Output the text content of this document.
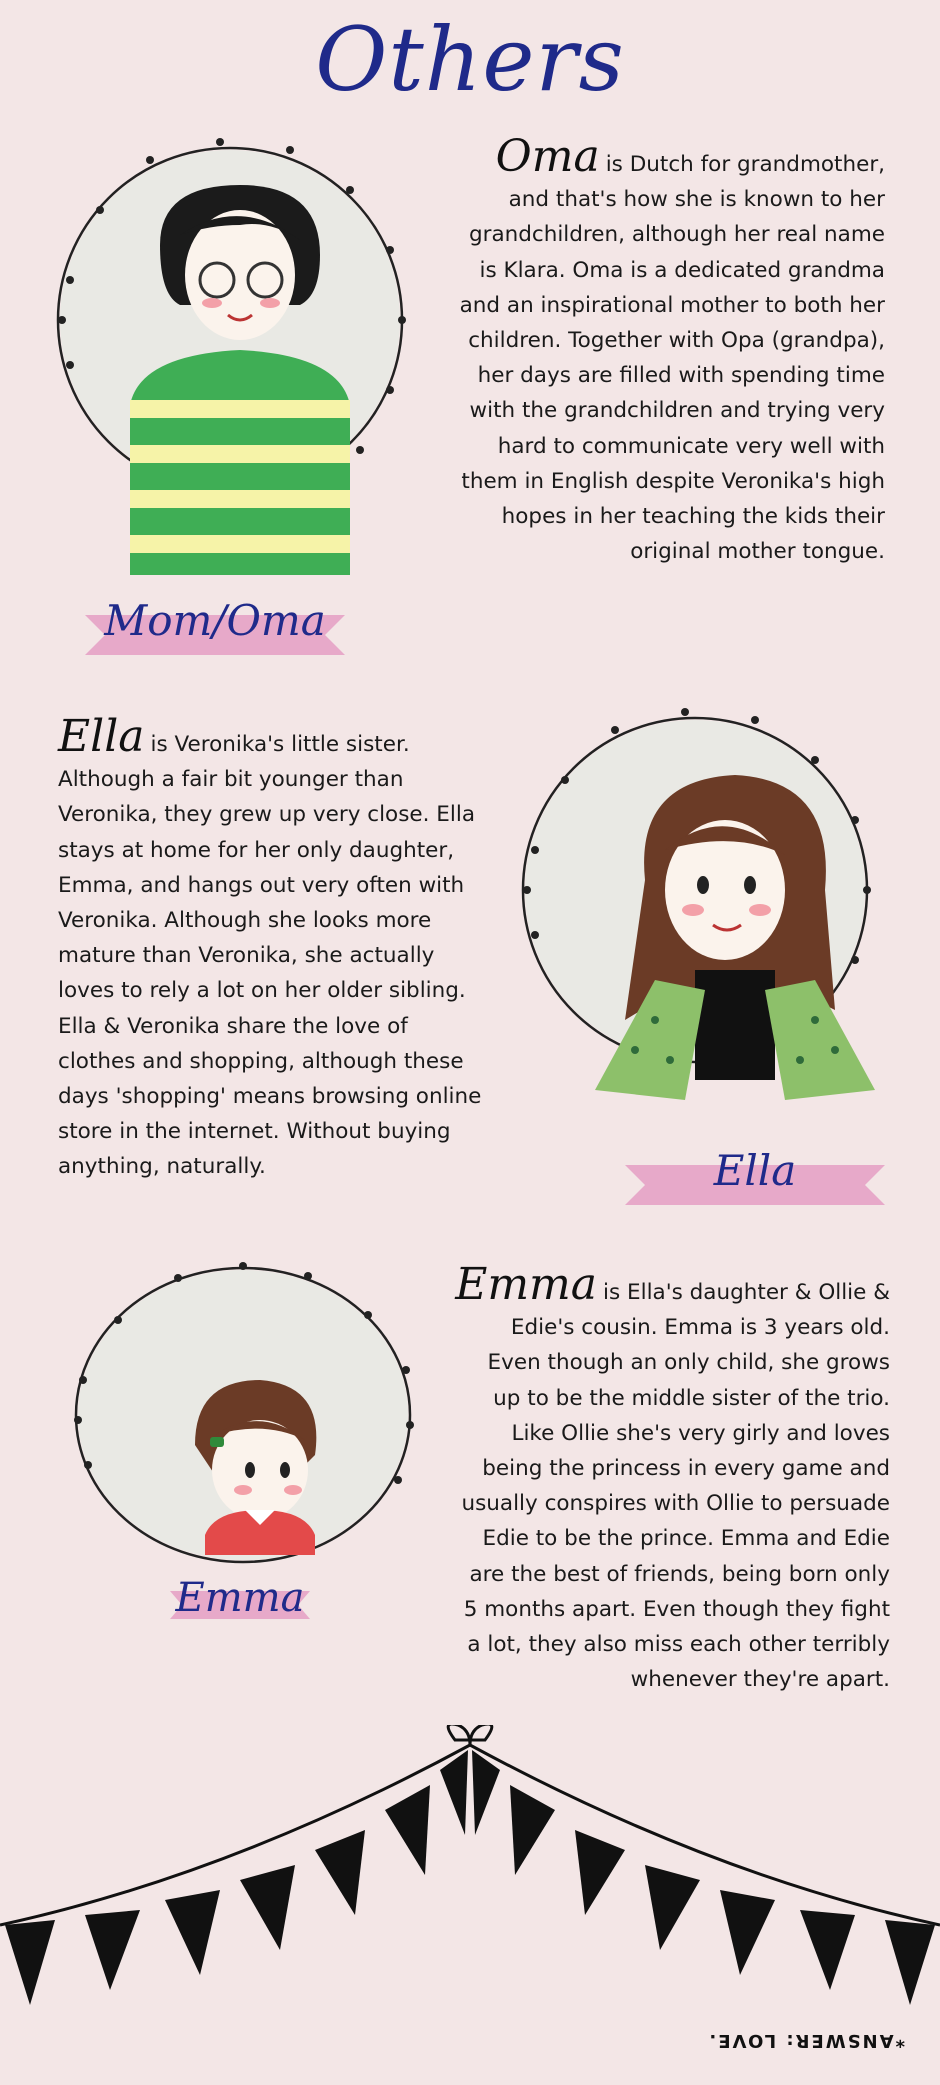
Others
Mom/Oma
Oma is Dutch for grandmother, and that's how she is known to her grandchildren, although her real name is Klara. Oma is a dedicated grandma and an inspirational mother to both her children. Together with Opa (grandpa), her days are filled with spending time with the grandchildren and trying very hard to communicate very well with them in English despite Veronika's high hopes in her teaching the kids their original mother tongue.
Ella
Ella is Veronika's little sister. Although a fair bit younger than Veronika, they grew up very close. Ella stays at home for her only daughter, Emma, and hangs out very often with Veronika. Although she looks more mature than Veronika, she actually loves to rely a lot on her older sibling. Ella & Veronika share the love of clothes and shopping, although these days 'shopping' means browsing online store in the internet. Without buying anything, naturally.
Emma
Emma is Ella's daughter & Ollie & Edie's cousin. Emma is 3 years old. Even though an only child, she grows up to be the middle sister of the trio. Like Ollie she's very girly and loves being the princess in every game and usually conspires with Ollie to persuade Edie to be the prince. Emma and Edie are the best of friends, being born only 5 months apart. Even though they fight a lot, they also miss each other terribly whenever they're apart.
*ANSWER: LOVE.
